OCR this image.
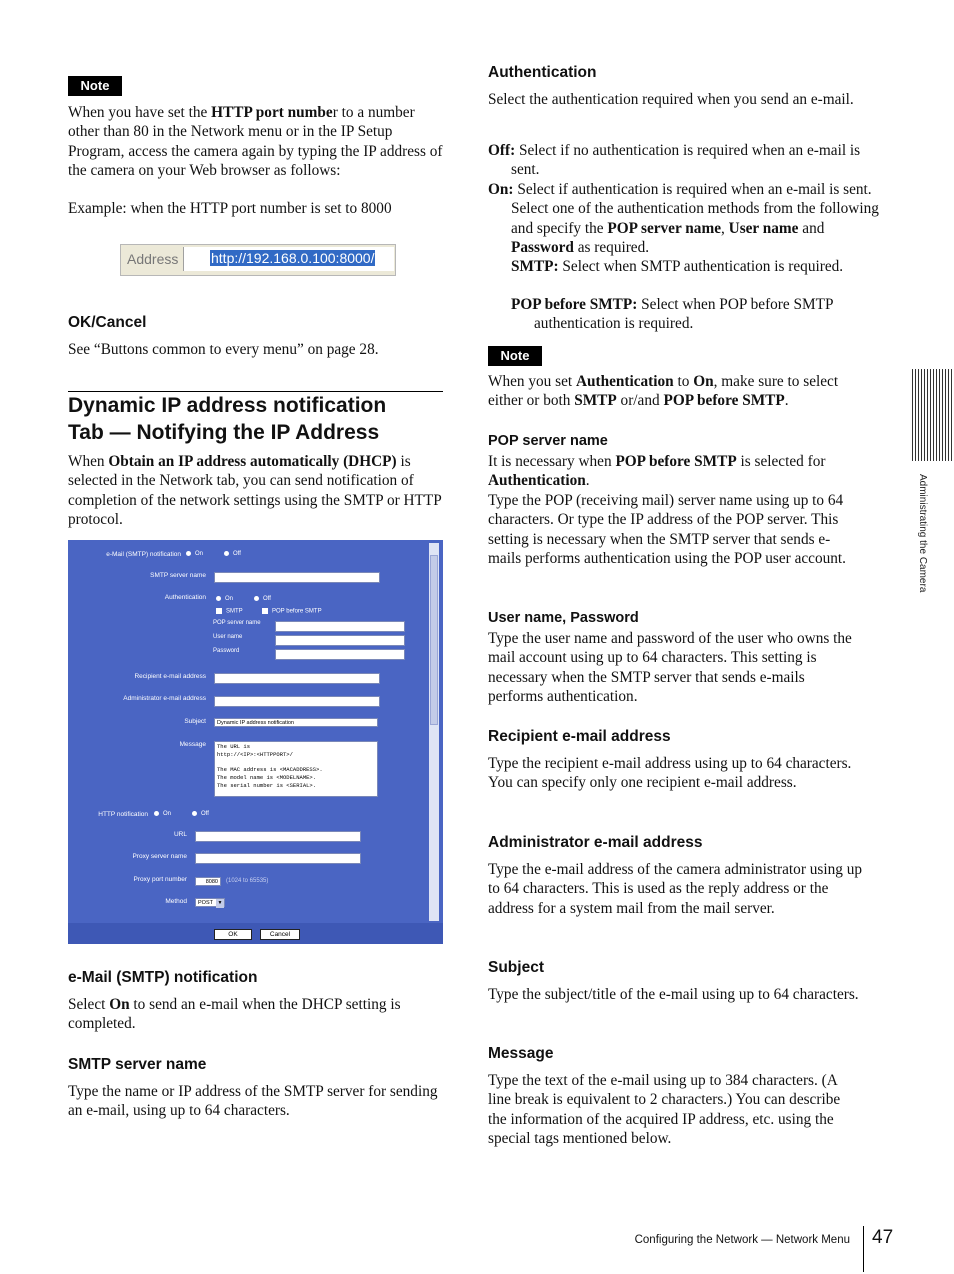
Note

When you have set the HTTP port number to a number other than 80 in the Network menu or in the IP Setup Program, access the camera again by typing the IP address of the camera on your Web browser as follows:

Example: when the HTTP port number is set to 8000

Address http://192.168.0.100:8000/
OK/Cancel

See “Buttons common to every menu” on page 28.

Dynamic IP address notification
Tab — Notifying the IP Address

When Obtain an IP address automatically (DHCP) is selected in the Network tab, you can send notification of completion of the network settings using the SMTP or HTTP protocol.

e-Mail (SMTP) notification	On	Off
SMTP server name
Authentication	On	Off
SMTP	POP before SMTP
POP server name
User name
Password
Recipient e-mail address
Administrator e-mail address
Subject	Dynamic IP address notification
Message The URL is
http://<IP>:<HTTPPORT>/

The MAC address is <MACADDRESS>.
The model name is <MODELNAME>.
The serial number is <SERIAL>.
HTTP notification	On	Off
URL
Proxy server name
Proxy port number	8080	(1024 to 65535)
Method	POST ▼
OK	Cancel
e-Mail (SMTP) notification

Select On to send an e-mail when the DHCP setting is completed.

SMTP server name

Type the name or IP address of the SMTP server for sending an e-mail, using up to 64 characters.

Authentication

Select the authentication required when you send an e-mail.

Off: Select if no authentication is required when an e-mail is sent.

On: Select if authentication is required when an e-mail is sent. Select one of the authentication methods from the following and specify the POP server name, User name and Password as required.

SMTP: Select when SMTP authentication is required.

POP before SMTP: Select when POP before SMTP authentication is required.

Note

When you set Authentication to On, make sure to select either or both SMTP or/and POP before SMTP.

POP server name

It is necessary when POP before SMTP is selected for Authentication.

Type the POP (receiving mail) server name using up to 64 characters. Or type the IP address of the POP server. This setting is necessary when the SMTP server that sends e-mails performs authentication using the POP user account.

User name, Password

Type the user name and password of the user who owns the mail account using up to 64 characters. This setting is necessary when the SMTP server that sends e-mails performs authentication.

Recipient e-mail address

Type the recipient e-mail address using up to 64 characters. You can specify only one recipient e-mail address.

Administrator e-mail address

Type the e-mail address of the camera administrator using up to 64 characters. This is used as the reply address or the address for a system mail from the mail server.

Subject

Type the subject/title of the e-mail using up to 64 characters.

Message

Type the text of the e-mail using up to 384 characters. (A line break is equivalent to 2 characters.) You can describe the information of the acquired IP address, etc. using the special tags mentioned below.

Administrating the Camera
Configuring the Network — Network Menu 47
